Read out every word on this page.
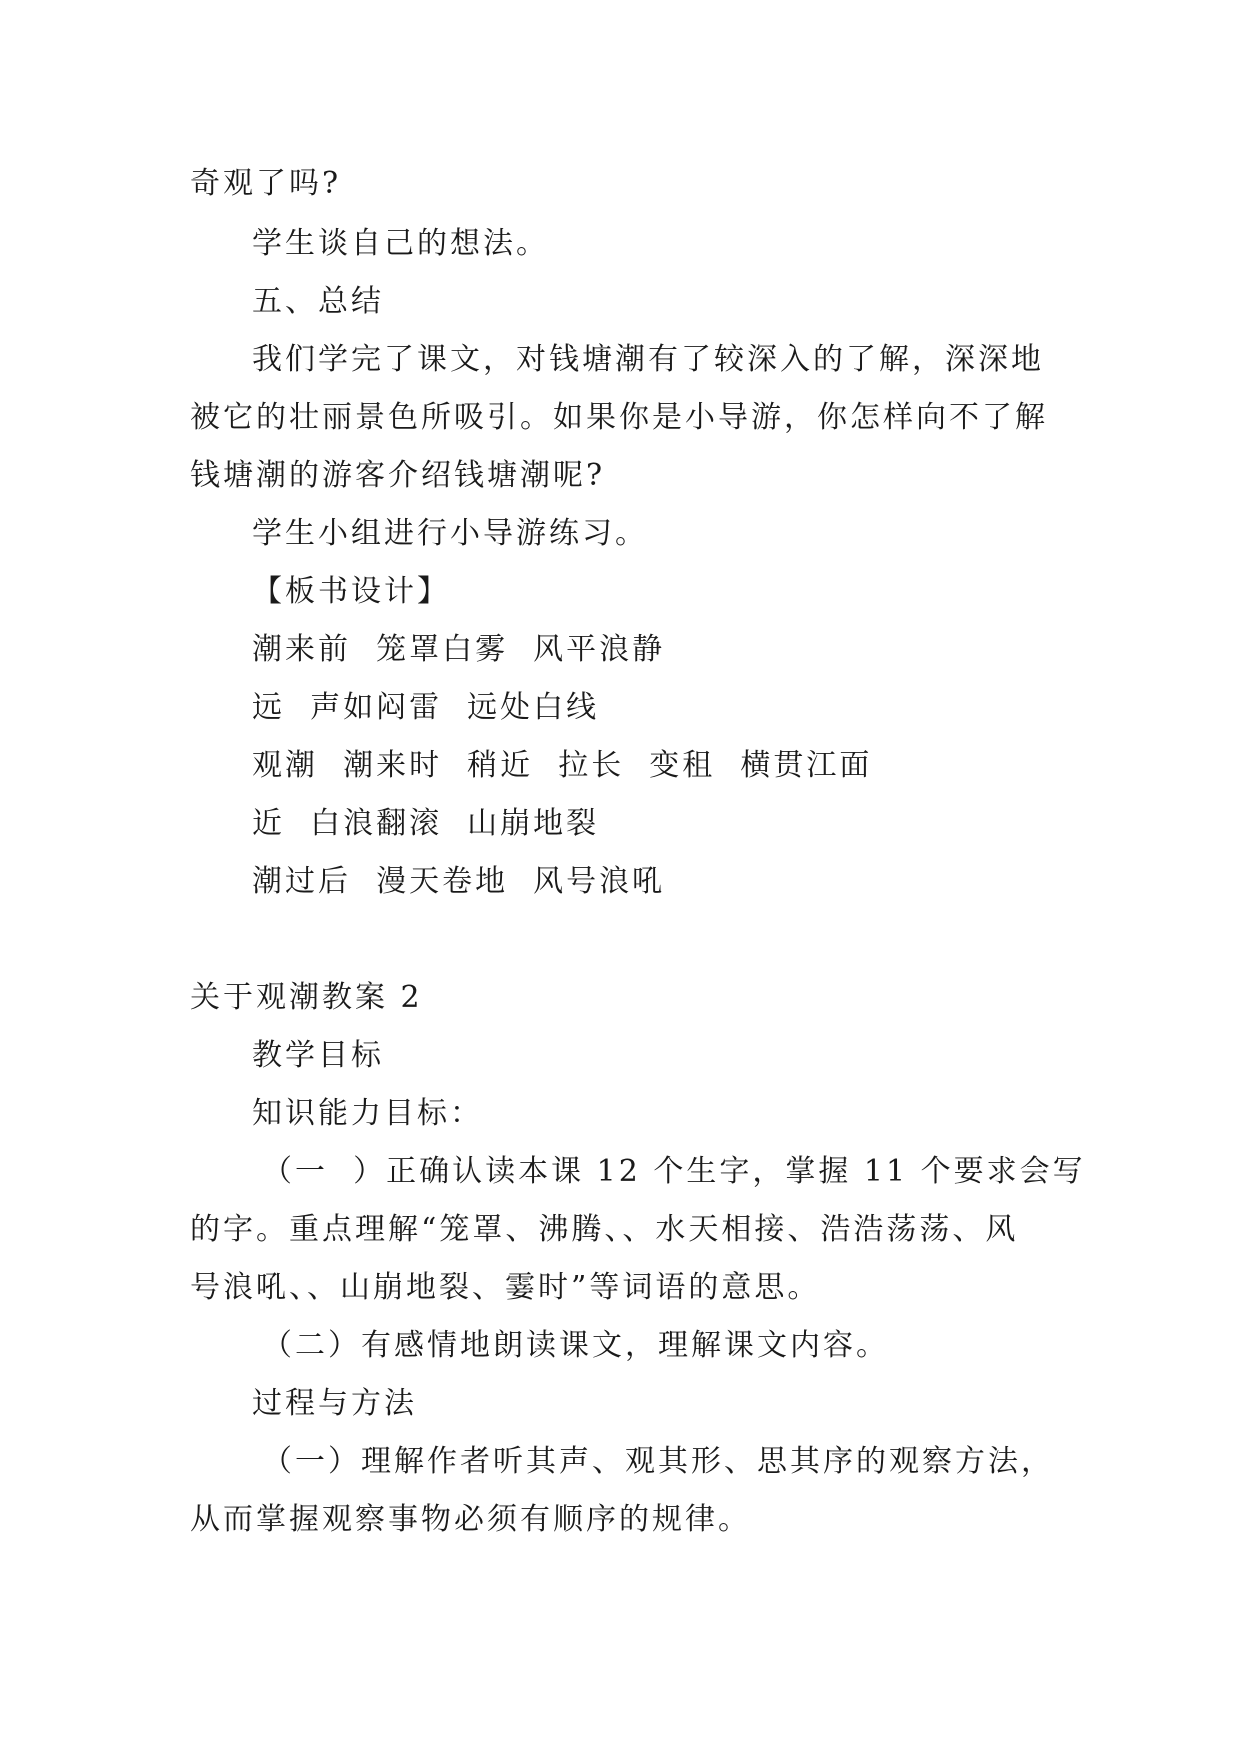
奇观了吗?
学生谈自己的想法。
五、总结
我们学完了课文，对钱塘潮有了较深入的了解，深深地
被它的壮丽景色所吸引。如果你是小导游，你怎样向不了解
钱塘潮的游客介绍钱塘潮呢?
学生小组进行小导游练习。
【板书设计】
潮来前  笼罩白雾  风平浪静
远  声如闷雷  远处白线
观潮  潮来时  稍近  拉长  变租  横贯江面
近  白浪翻滚  山崩地裂
潮过后  漫天卷地  风号浪吼
关于观潮教案 2
教学目标
知识能力目标：
（一  ）正确认读本课 12 个生字，掌握 11 个要求会写
的字。重点理解“笼罩、沸腾、、水天相接、浩浩荡荡、风
号浪吼、、山崩地裂、霎时”等词语的意思。
（二）有感情地朗读课文，理解课文内容。
过程与方法
（一）理解作者听其声、观其形、思其序的观察方法，
从而掌握观察事物必须有顺序的规律。
